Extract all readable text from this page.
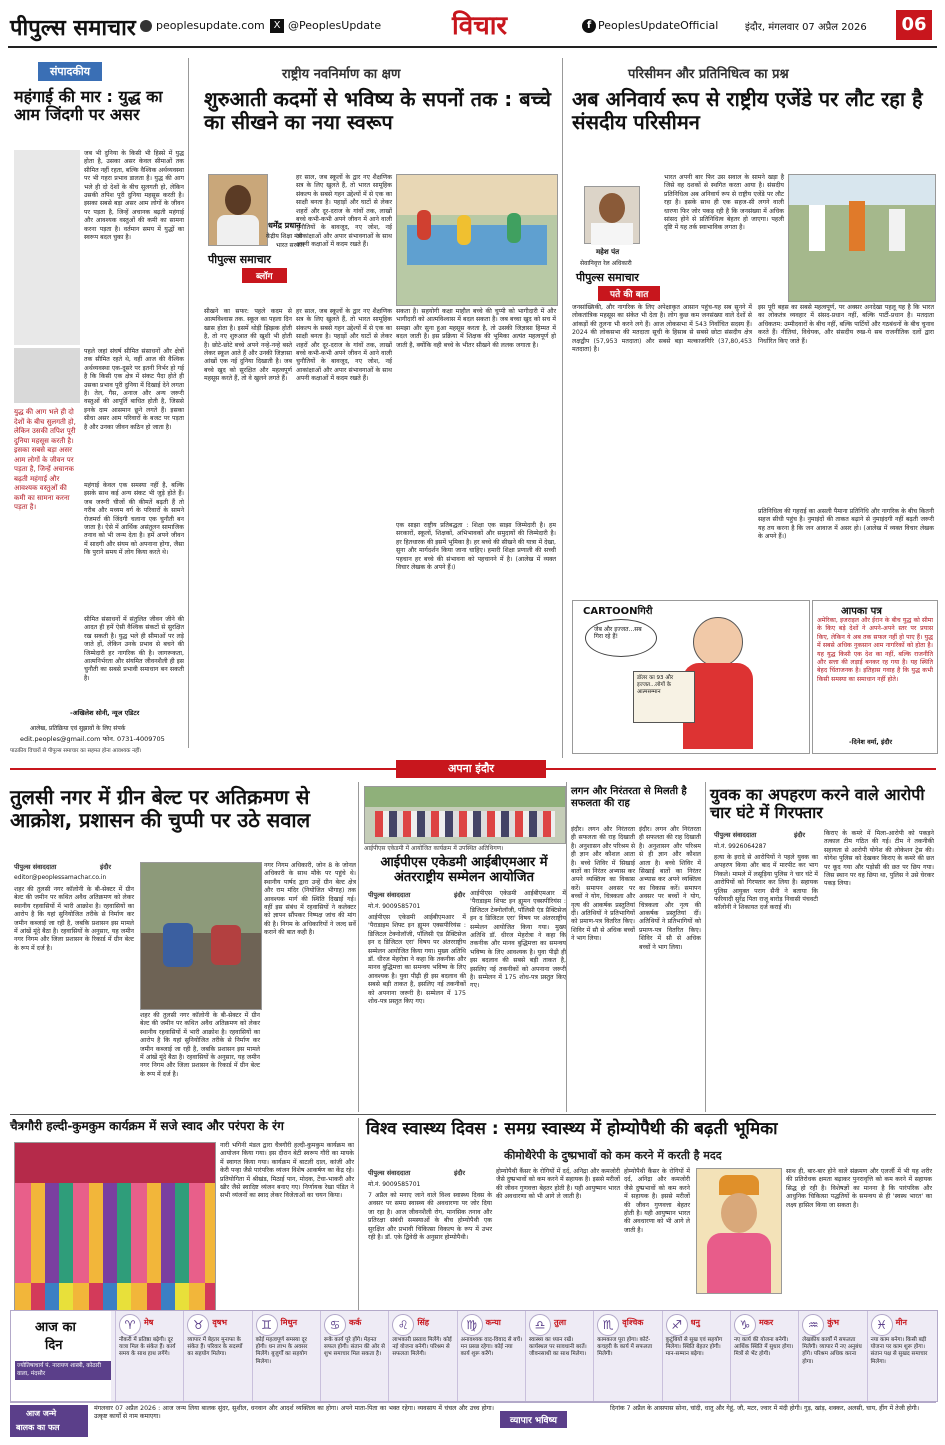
पीपुल्स समाचार peoplesupdate.com X @PeoplesUpdate	विचार	f PeoplesUpdateOfficial	इंदौर, मंगलवार 07 अप्रैल 2026	06
संपादकीय
महंगाई की मार : युद्ध का आम जिंदगी पर असर
जब भी दुनिया के किसी भी हिस्से में युद्ध होता है, उसका असर केवल सीमाओं तक सीमित नहीं रहता, बल्कि वैश्विक अर्थव्यवस्था पर भी गहरा प्रभाव डालता है। युद्ध की आग भले ही दो देशों के बीच सुलगती हो, लेकिन उसकी तपिश पूरी दुनिया महसूस करती है। इसका सबसे बड़ा असर आम लोगों के जीवन पर पड़ता है, जिन्हें अचानक बढ़ती महंगाई और आवश्यक वस्तुओं की कमी का सामना करना पड़ता है। वर्तमान समय में युद्धों का स्वरूप बदल चुका है।
पहले जहां संघर्ष सीमित संसाधनों और क्षेत्रों तक सीमित रहते थे, वहीं आज की वैश्विक अर्थव्यवस्था एक-दूसरे पर इतनी निर्भर हो गई है कि किसी एक क्षेत्र में संकट पैदा होते ही उसका प्रभाव पूरी दुनिया में दिखाई देने लगता है। तेल, गैस, अनाज और अन्य जरूरी वस्तुओं की आपूर्ति बाधित होती है, जिससे इनके दाम आसमान छूने लगते हैं। इसका सीधा असर आम परिवारों के बजट पर पड़ता है और उनका जीवन कठिन हो जाता है।
युद्ध की आग भले ही दो देशों के बीच सुलगती हो, लेकिन उसकी तपिश पूरी दुनिया महसूस करती है। इसका सबसे बड़ा असर आम लोगों के जीवन पर पड़ता है, जिन्हें अचानक बढ़ती महंगाई और आवश्यक वस्तुओं की कमी का सामना करना पड़ता है।
महंगाई केवल एक समस्या नहीं है, बल्कि इसके साथ कई अन्य संकट भी जुड़े होते हैं। जब जरूरी चीजों की कीमतें बढ़ती हैं तो गरीब और मध्यम वर्ग के परिवारों के सामने रोजमर्रा की जिंदगी चलाना एक चुनौती बन जाता है। ऐसे में आर्थिक असंतुलन सामाजिक तनाव को भी जन्म देता है। हमें अपने जीवन में सादगी और संयम को अपनाना होगा, जैसा कि पुराने समय में लोग किया करते थे।
सीमित संसाधनों में संतुलित जीवन जीने की आदत ही हमें ऐसी वैश्विक संकटों से सुरक्षित रख सकती है। युद्ध भले ही सीमाओं पर लड़े जाते हों, लेकिन उनके प्रभाव से बचने की जिम्मेदारी हर नागरिक की है। जागरूकता, आत्मनिर्भरता और संयमित जीवनशैली ही इस चुनौती का सबसे प्रभावी समाधान बन सकती है।
-अखिलेश सोनी, न्यूज एडिटर
आलेख, प्रतिक्रिया एवं सुझावों के लिए संपर्क
edit.peoples@gmail.com फोन. 0731-4009705
पाठकीय विचारों से पीपुल्स समाचार का सहमत होना आवश्यक नहीं।
राष्ट्रीय नवनिर्माण का क्षण
शुरुआती कदमों से भविष्य के सपनों तक : बच्चे का सीखने का नया स्वरूप
धर्मेंद्र प्रधान
केंद्रीय शिक्षा मंत्री
भारत सरकार
पीपुल्स समाचार
ब्लॉग
हर साल, जब स्कूलों के द्वार नए शैक्षणिक सत्र के लिए खुलते हैं, तो भारत सामूहिक संकल्प के सबसे गहन उद्देश्यों में से एक का साक्षी बनता है। पहाड़ों और घाटों से लेकर शहरों और दूर-दराज के गांवों तक, लाखों बच्चे कभी-कभी अपने जीवन में आने वाली चुनौतियों के बावजूद, नए जोश, नई आकांक्षाओं और अपार संभावनाओं के साथ अपनी कक्षाओं में कदम रखते हैं।
सीखने का सफर: पहले कदम से आत्मविश्वास तक. स्कूल का पहला दिन खास होता है। इसमें थोड़ी झिझक होती है, तो नए शुरुआत की खुशी भी होती है। छोटे-छोटे बच्चे अपने नन्हे-नन्हे बस्ते लेकर स्कूल आते हैं और उनकी जिज्ञासा आंखों एक नई दुनिया दिखाती है। जब बच्चे खुद को सुरक्षित और महत्वपूर्ण महसूस करते हैं, तो वे खुलने लगते हैं।
हर साल, जब स्कूलों के द्वार नए शैक्षणिक सत्र के लिए खुलते हैं, तो भारत सामूहिक संकल्प के सबसे गहन उद्देश्यों में से एक का साक्षी बनता है। पहाड़ों और घाटों से लेकर शहरों और दूर-दराज के गांवों तक, लाखों बच्चे कभी-कभी अपने जीवन में आने वाली चुनौतियों के बावजूद, नए जोश, नई आकांक्षाओं और अपार संभावनाओं के साथ अपनी कक्षाओं में कदम रखते हैं।
सकता है। सहयोगी कक्षा माहौल बच्चे की चुप्पी को भागीदारी में और भागीदारी को आत्मविश्वास में बदल सकता है। जब बच्चा खुद को सच में समझा और सुना हुआ महसूस करता है, तो उसकी जिज्ञासा हिम्मत में बदल जाती है। इस प्रक्रिया में शिक्षक की भूमिका अत्यंत महत्वपूर्ण हो जाती है, क्योंकि वही बच्चे के भीतर सीखने की ललक जगाता है।
एक साझा राष्ट्रीय प्रतिबद्धता : शिक्षा एक साझा जिम्मेदारी है। हम सरकारों, स्कूलों, शिक्षकों, अभिभावकों और समुदायों की जिम्मेदारी है। हर हितधारक की इसमें भूमिका है। हर बच्चे की सीखने की यात्रा में देखा, सुना और मार्गदर्शन किया जाना चाहिए। हमारी शिक्षा प्रणाली की सच्ची पहचान हर बच्चे की संभावना को पहचानने में है। (आलेख में व्यक्त विचार लेखक के अपने हैं।)
परिसीमन और प्रतिनिधित्व का प्रश्न
अब अनिवार्य रूप से राष्ट्रीय एजेंडे पर लौट रहा है संसदीय परिसीमन
महेश पंत
सेवानिवृत्त रेल अधिकारी
पीपुल्स समाचार
पते की बात
भारत अपनी बार फिर उस सवाल के सामने खड़ा है जिसे वह दशकों से स्थगित करता आया है। संसदीय प्रतिनिधित्व अब अनिवार्य रूप से राष्ट्रीय एजेंडे पर लौट रहा है। इसके साथ ही एक सहज-सी लगने वाली धारणा फिर जोर पकड़ रही है कि जनसंख्या में अधिक सांसद होने से प्रतिनिधित्व बेहतर हो जाएगा। पहली दृष्टि में यह तर्क स्वाभाविक लगता है।
जनसांख्यिकी, और नागरिक के लिए अपेक्षाकृत आसान पहुंच-यह सब सुनने में लोकतांत्रिक महसूस का संकेत भी देता है। लोग कुछ कम जनसंख्या वाले देशों से आंकड़ों की तुलना भी करने लगे हैं। आज लोकसभा में 543 निर्वाचित सदस्य हैं। 2024 की लोकसभा की मतदाता सूची के हिसाब से सबसे छोटा संसदीय क्षेत्र लक्षद्वीप (57,953 मतदाता) और सबसे बड़ा मल्काजगिरि (37,80,453 मतदाता) है।
इस पूरी बहस का सबसे महत्वपूर्ण, पर अक्सर अनदेखा पहलू यह है कि भारत का लोकतंत्र व्यवहार में संसद-प्रधान नहीं, बल्कि पार्टी-प्रधान है। मतदाता अधिकतम: उम्मीदवारों के बीच नहीं, बल्कि पार्टियों और गठबंधनों के बीच चुनाव करते हैं। नीतियां, विधेयक, और संसदीय रुख-ये सब राजनीतिक दलों द्वारा निर्धारित किए जाते हैं।
प्रतिनिधित्व की गहराई का असली पैमाना प्रतिनिधि और नागरिक के बीच कितनी सहज सीधी पहुंच है। नुमाइंदों की ताकत बढ़ाने से नुमाइंदगी नहीं बढ़ती जरूरी यह तय करना है कि जन आवाज में असर हो। (आलेख में व्यक्त विचार लेखक के अपने हैं।)
CARTOONगिरी
जेब और इज्जत...सब गिरा रहे हैं!
डॉलर का 93 और इज्जत...लोगों के आत्मसम्मान
आपका पत्र
अमेरिका, इजराइल और ईरान के बीच युद्ध को सीमा के किए बड़े देशों ने अपने-अपने स्तर पर प्रयास किए, लेकिन ये अब तक सफल नहीं हो पाए हैं। युद्ध में सबसे अधिक नुकसान आम नागरिकों को होता है। यह युद्ध किसी एक देश का नहीं, बल्कि राजनीति और सत्ता की लड़ाई बनकर रह गया है। यह स्थिति बेहद चिंताजनक है। इतिहास गवाह है कि युद्ध कभी किसी समस्या का समाधान नहीं होते।
-दिनेश वर्मा, इंदौर
अपना इंदौर
तुलसी नगर में ग्रीन बेल्ट पर अतिक्रमण से आक्रोश, प्रशासन की चुप्पी पर उठे सवाल
पीपुल्स संवाददाता	इंदौर
editor@peoplessamachar.co.in
शहर की तुलसी नगर कॉलोनी के बी-सेक्टर में ग्रीन बेल्ट की जमीन पर कथित अवैध अतिक्रमण को लेकर स्थानीय रहवासियों में भारी आक्रोश है। रहवासियों का आरोप है कि यहां सुनियोजित तरीके से निर्माण कर जमीन कब्जाई जा रही है, जबकि प्रशासन इस मामले में आंखें मूंदे बैठा है। रहवासियों के अनुसार, यह जमीन नगर निगम और जिला प्रशासन के रिकार्ड में ग्रीन बेल्ट के रूप में दर्ज है।
नगर निगम अधिकारी, जोन 8 के जोनल अधिकारी के साथ मौके पर पहुंचे थे। स्थानीय पार्षद द्वारा उन्हें ग्रीन बेल्ट क्षेत्र और राम मंदिर (नियोजित भीगाह) तक आवश्यक मार्ग की स्थिति दिखाई गई। वहीं इस संबंध में रहवासियों ने कलेक्टर को ज्ञापन सौंपकर निष्पक्ष जांच की मांग की है। निगम के अधिकारियों ने जल्द सर्वे कराने की बात कही है।
शहर की तुलसी नगर कॉलोनी के बी-सेक्टर में ग्रीन बेल्ट की जमीन पर कथित अवैध अतिक्रमण को लेकर स्थानीय रहवासियों में भारी आक्रोश है। रहवासियों का आरोप है कि यहां सुनियोजित तरीके से निर्माण कर जमीन कब्जाई जा रही है, जबकि प्रशासन इस मामले में आंखें मूंदे बैठा है। रहवासियों के अनुसार, यह जमीन नगर निगम और जिला प्रशासन के रिकार्ड में ग्रीन बेल्ट के रूप में दर्ज है।
आईपीएस एकेडमी में आयोजित कार्यक्रम में उपस्थित अतिथिगण।
आईपीएस एकेडमी आईबीएमआर में अंतरराष्ट्रीय सम्मेलन आयोजित
पीपुल्स संवाददाता	इंदौर
मो.नं. 9009585701
आईपीएस एकेडमी आईबीएमआर में 'पैराडाइम शिफ्ट इन ह्यूमन एक्सपीरियंस : डिजिटल टेक्नोलॉजी, पॉलिसी एंड प्रैक्टिसेज इन द डिजिटल एरा' विषय पर अंतरराष्ट्रीय सम्मेलन आयोजित किया गया। मुख्य अतिथि डॉ. धीरज मेहरोत्रा ने कहा कि तकनीक और मानव बुद्धिमत्ता का समन्वय भविष्य के लिए आवश्यक है। युवा पीढ़ी ही इस बदलाव की सबसे बड़ी ताकत है, इसलिए नई तकनीकों को अपनाना जरूरी है। सम्मेलन में 175 शोध-पत्र प्रस्तुत किए गए।
आईपीएस एकेडमी आईबीएमआर में 'पैराडाइम शिफ्ट इन ह्यूमन एक्सपीरियंस : डिजिटल टेक्नोलॉजी, पॉलिसी एंड प्रैक्टिसेज इन द डिजिटल एरा' विषय पर अंतरराष्ट्रीय सम्मेलन आयोजित किया गया। मुख्य अतिथि डॉ. धीरज मेहरोत्रा ने कहा कि तकनीक और मानव बुद्धिमत्ता का समन्वय भविष्य के लिए आवश्यक है। युवा पीढ़ी ही इस बदलाव की सबसे बड़ी ताकत है, इसलिए नई तकनीकों को अपनाना जरूरी है। सम्मेलन में 175 शोध-पत्र प्रस्तुत किए गए।
लगन और निरंतरता से मिलती है सफलता की राह
इंदौर। लगन और निरंतरता ही सफलता की राह दिखाती है। अनुशासन और परिश्रम से ही ज्ञान और कौशल आता है। बच्चे शिविर में सिखाई बातों का निरंतर अभ्यास कर अपने व्यक्तित्व का विकास करें। समापन अवसर पर बच्चों ने योग, चित्रकला और नृत्य की आकर्षक प्रस्तुतियां दीं। अतिथियों ने प्रतिभागियों को प्रमाण-पत्र वितरित किए। शिविर में सौ से अधिक बच्चों ने भाग लिया।
इंदौर। लगन और निरंतरता ही सफलता की राह दिखाती है। अनुशासन और परिश्रम से ही ज्ञान और कौशल आता है। बच्चे शिविर में सिखाई बातों का निरंतर अभ्यास कर अपने व्यक्तित्व का विकास करें। समापन अवसर पर बच्चों ने योग, चित्रकला और नृत्य की आकर्षक प्रस्तुतियां दीं। अतिथियों ने प्रतिभागियों को प्रमाण-पत्र वितरित किए। शिविर में सौ से अधिक बच्चों ने भाग लिया।
युवक का अपहरण करने वाले आरोपी चार घंटे में गिरफ्तार
पीपुल्स संवाददाता	इंदौर
मो.नं. 9926064287
हत्या के इरादे से आरोपियों ने पहले युवक का अपहरण किया और बाद में मारपीट कर भाग निकले। मामले में लसूड़िया पुलिस ने चार घंटे में आरोपियों को गिरफ्तार कर लिया है। सहायक पुलिस आयुक्त पराग सैनी ने बताया कि फरियादी सुरेंद्र पिता राजू बारोड़ निवासी पंचवटी कॉलोनी ने शिकायत दर्ज कराई थी।
किराए के कमरे में मिला-आरोपी को पकड़ने तत्काल टीम गठित की गई। टीम ने तकनीकी सहायता से आरोपी योगेश की लोकेशन ट्रेस की। योगेश पुलिस को देखकर किराए के कमरे की छत पर कूद गया और पड़ोसी की छत पर छिप गया। जिस स्थान पर वह छिपा था, पुलिस ने उसे घेरकर पकड़ लिया।
चैत्रगौरी हल्दी-कुमकुम कार्यक्रम में सजे स्वाद और परंपरा के रंग
नारी भगिनी मंडल द्वारा चैत्रगौरी हल्दी-कुमकुम कार्यक्रम का आयोजन किया गया। इस दौरान बेटी स्वरूप गौरी का मायके में स्वागत किया गया। कार्यक्रम में बाटली दाल, कांजी और केरी पन्हा जैसे पारंपरिक व्यंजन विशेष आकर्षण का केंद्र रहे। प्रतियोगिता में श्रीखंड, मिठाई पान, मोदक, टेंचा-भाकरी और खीर जैसे स्वादिष्ट व्यंजन बनाए गए। निर्णायक रेखा पंडित ने सभी व्यंजनों का स्वाद लेकर विजेताओं का चयन किया।
विश्व स्वास्थ्य दिवस : समग्र स्वास्थ्य में होम्योपैथी की बढ़ती भूमिका
कीमोथैरेपी के दुष्प्रभावों को कम करने में करती है मदद
पीपुल्स संवाददाता	इंदौर
मो.नं. 9009585701
7 अप्रैल को मनाए जाने वाले विश्व स्वास्थ्य दिवस के अवसर पर समग्र स्वास्थ्य की अवधारणा पर जोर दिया जा रहा है। आज जीवनशैली रोग, मानसिक तनाव और प्रतिरक्षा संबंधी समस्याओं के बीच होम्योपैथी एक सुरक्षित और प्रभावी चिकित्सा विकल्प के रूप में उभर रही है। डॉ. एके द्विवेदी के अनुसार होम्योपैथी।
होम्योपैथी कैंसर के रोगियों में दर्द, अनिद्रा और कमजोरी जैसे दुष्प्रभावों को कम करने में सहायक है। इससे मरीजों की जीवन गुणवत्ता बेहतर होती है। यही आयुष्मान भारत की अवधारणा को भी आगे ले जाती है।
होम्योपैथी कैंसर के रोगियों में दर्द, अनिद्रा और कमजोरी जैसे दुष्प्रभावों को कम करने में सहायक है। इससे मरीजों की जीवन गुणवत्ता बेहतर होती है। यही आयुष्मान भारत की अवधारणा को भी आगे ले जाती है।
साथ ही, बार-बार होने वाले संक्रमण और एलर्जी में भी यह शरीर की प्रतिरोधक क्षमता बढ़ाकर पुनरावृत्ति को कम करने में सहायक सिद्ध हो रही है। विशेषज्ञों का मानना है कि पारंपरिक और आधुनिक चिकित्सा पद्धतियों के समन्वय से ही 'स्वस्थ भारत' का लक्ष्य हासिल किया जा सकता है।
आज का
दिन
ज्योतिषाचार्य पं. नारायण शास्त्री, कोठारी वाला, मंदसौर
♈	मेष
नौकरी में प्रतिष्ठा बढ़ेगी। दूर यात्रा मिल के संकेत हैं। कार्य समय के साथ हाथ लगेंगे।
♉	वृषभ
व्यापार में बेहतर मुनाफा के संकेत हैं। परिवार के सदस्यों का सहयोग मिलेगा।
♊	मिथुन
कोई महत्वपूर्ण समस्या दूर होगी। धन लाभ के अवसर मिलेंगे। बुजुर्गों का सहयोग मिलेगा।
♋	कर्क
रूके कार्य पूरे होंगे। मेहनत सफल होगी। संतान की ओर से शुभ समाचार मिल सकता है।
♌	सिंह
लाभकारी प्रस्ताव मिलेंगे। कोई नई योजना बनेगी। परिश्रम से सफलता मिलेगी।
♍	कन्या
अनावश्यक वाद-विवाद से बचें। मन प्रसन्न रहेगा। कोई नया कार्य शुरू करेंगे।
♎	तुला
स्वास्थ्य का ध्यान रखें। कार्यस्थल पर सावधानी बरतें। जीवनसाथी का साथ मिलेगा।
♏	वृश्चिक
कामकाज पूरा होगा। कोर्ट-कचहरी के कार्य में सफलता मिलेगी।
♐	धनु
कुटुंबियों से सुख एवं सहयोग मिलेगा। स्थिति बेहतर होगी। मान-सम्मान बढ़ेगा।
♑	मकर
नए कार्य की योजना बनेगी। आर्थिक स्थिति में सुधार होगा। मित्रों से भेंट होगी।
♒	कुंभ
लेखकीय कार्यों में सफलता मिलेगी। व्यापार में नए अनुबंध होंगे। परिश्रम अधिक करना होगा।
♓	मीन
नया काम बनेगा। किसी बड़ी योजना पर काम शुरू होगा। संतान पक्ष से सुखद समाचार मिलेगा।
आज जन्मे
बालक का फल
मंगलवार 07 अप्रैल 2026 : आज जन्म लिया बालक सुंदर, सुशील, धनवान और आदर्श व्यक्तित्व का होगा। अपने माता-पिता का भक्त रहेगा। व्यवसाय में चंचल और उच्च होगा। उत्कृष्ट कार्यों से नाम कमाएगा।	व्यापार भविष्य
दिनांक 7 अप्रैल के आसपास सोना, चांदी, धातु और गेहूं, जौ, मटर, ज्वार में मंदी होगी। गुड़, खांड़, शक्कर, अलसी, चाय, हींग में तेजी होगी।
